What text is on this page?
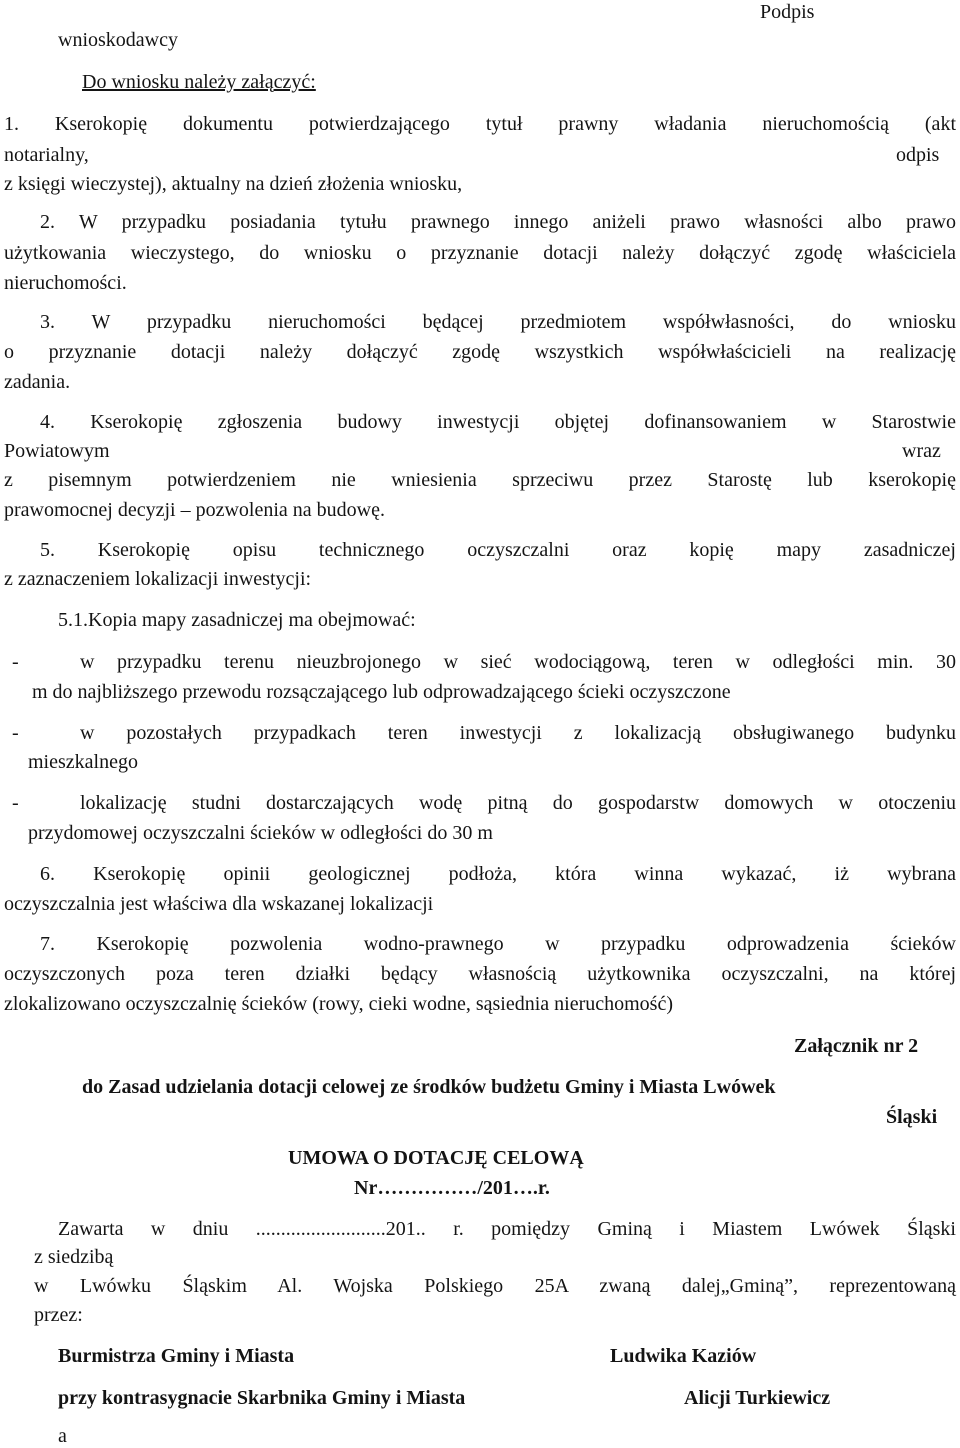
Podpis
wnioskodawcy
Do wniosku należy załączyć:
1. Kserokopię dokumentu potwierdzającego tytuł prawny władania nieruchomością (akt
notarialny,	odpis
z księgi wieczystej), aktualny na dzień złożenia wniosku,
2. W przypadku posiadania tytułu prawnego innego aniżeli prawo własności albo prawo
użytkowania wieczystego, do wniosku o przyznanie dotacji należy dołączyć zgodę właściciela
nieruchomości.
3. W przypadku nieruchomości będącej przedmiotem współwłasności, do wniosku
o przyznanie dotacji należy dołączyć zgodę wszystkich współwłaścicieli na realizację
zadania.
4. Kserokopię zgłoszenia budowy inwestycji objętej dofinansowaniem w Starostwie
Powiatowym	wraz
z pisemnym potwierdzeniem nie wniesienia sprzeciwu przez Starostę lub kserokopię
prawomocnej decyzji – pozwolenia na budowę.
5. Kserokopię opisu technicznego oczyszczalni oraz kopię mapy zasadniczej
z zaznaczeniem lokalizacji inwestycji:
5.1.Kopia mapy zasadniczej ma obejmować:
-	w przypadku terenu nieuzbrojonego w sieć wodociągową, teren w odległości min. 30
m do najbliższego przewodu rozsączającego lub odprowadzającego ścieki oczyszczone
-	w pozostałych przypadkach teren inwestycji z lokalizacją obsługiwanego budynku
mieszkalnego
-	lokalizację studni dostarczających wodę pitną do gospodarstw domowych w otoczeniu
przydomowej oczyszczalni ścieków w odległości do 30 m
6. Kserokopię opinii geologicznej podłoża, która winna wykazać, iż wybrana
oczyszczalnia jest właściwa dla wskazanej lokalizacji
7. Kserokopię pozwolenia wodno-prawnego w przypadku odprowadzenia ścieków
oczyszczonych poza teren działki będący własnością użytkownika oczyszczalni, na której
zlokalizowano oczyszczalnię ścieków (rowy, cieki wodne, sąsiednia nieruchomość)
Załącznik nr 2
do Zasad udzielania dotacji celowej ze środków budżetu Gminy i Miasta Lwówek
Śląski
UMOWA O DOTACJĘ CELOWĄ
Nr……………/201….r.
Zawarta w dniu ..........................201.. r. pomiędzy Gminą i Miastem Lwówek Śląski
z siedzibą
w Lwówku Śląskim Al. Wojska Polskiego 25A zwaną dalej„Gminą”, reprezentowaną
przez:
Burmistrza Gminy i Miasta	Ludwika Kaziów
przy kontrasygnacie Skarbnika Gminy i Miasta	Alicji Turkiewicz
a
